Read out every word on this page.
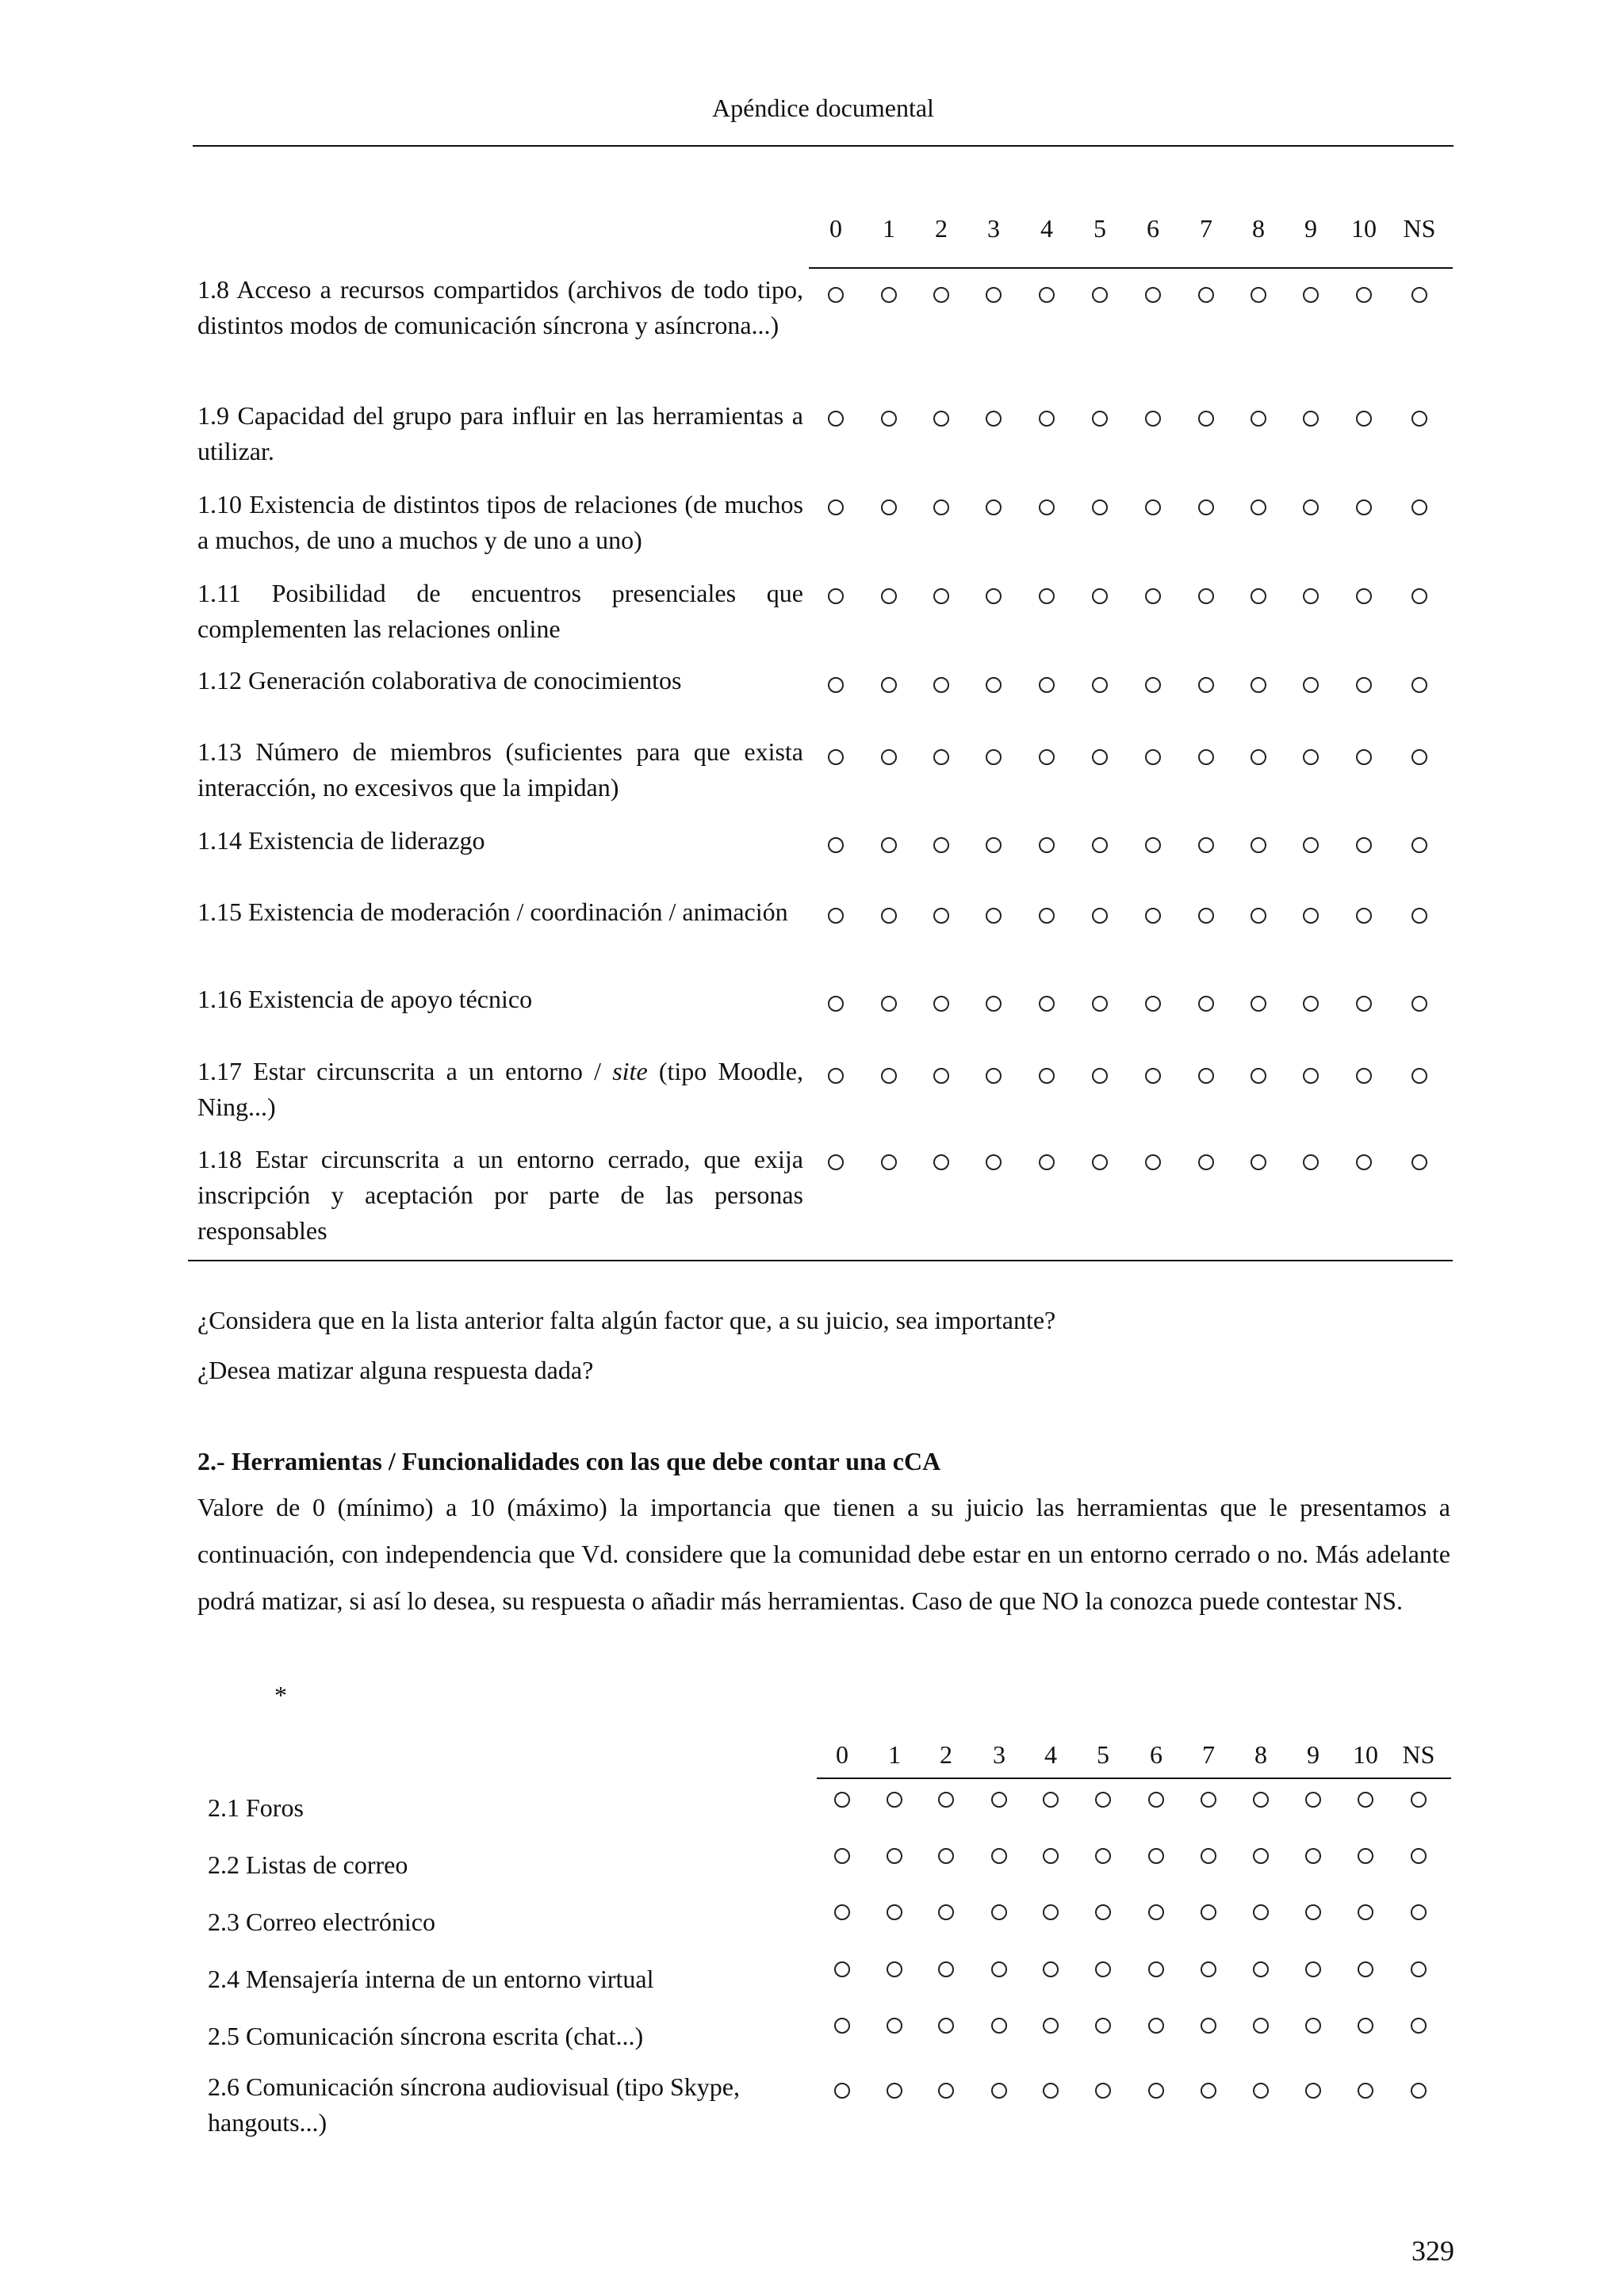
Apéndice documental
0	1	2	3	4	5	6	7	8	9	10 NS
1.8 Acceso a recursos compartidos (archivos de todo tipo, distintos modos de comunicación síncrona y asíncrona...)
1.9 Capacidad del grupo para influir en las herramientas a utilizar.
1.10 Existencia de distintos tipos de relaciones (de muchos a muchos, de uno a muchos y de uno a uno)
1.11 Posibilidad de encuentros presenciales que complementen las relaciones online
1.12 Generación colaborativa de conocimientos
1.13 Número de miembros (suficientes para que exista interacción, no excesivos que la impidan)
1.14 Existencia de liderazgo
1.15 Existencia de moderación / coordinación / animación
1.16 Existencia de apoyo técnico
1.17 Estar circunscrita a un entorno / site (tipo Moodle, Ning...)
1.18 Estar circunscrita a un entorno cerrado, que exija inscripción y aceptación por parte de las personas responsables
¿Considera que en la lista anterior falta algún factor que, a su juicio, sea importante?
¿Desea matizar alguna respuesta dada?
2.- Herramientas / Funcionalidades con las que debe contar una cCA
Valore de 0 (mínimo) a 10 (máximo) la importancia que tienen a su juicio las herramientas que le presentamos a continuación, con independencia que Vd. considere que la comunidad debe estar en un entorno cerrado o no. Más adelante podrá matizar, si así lo desea, su respuesta o añadir más herramientas. Caso de que NO la conozca puede contestar NS.
*
0	1	2	3	4	5	6	7	8	9	10 NS
2.1 Foros
2.2 Listas de correo
2.3 Correo electrónico
2.4 Mensajería interna de un entorno virtual
2.5 Comunicación síncrona escrita (chat...)
2.6 Comunicación síncrona audiovisual (tipo Skype, hangouts...)
329
